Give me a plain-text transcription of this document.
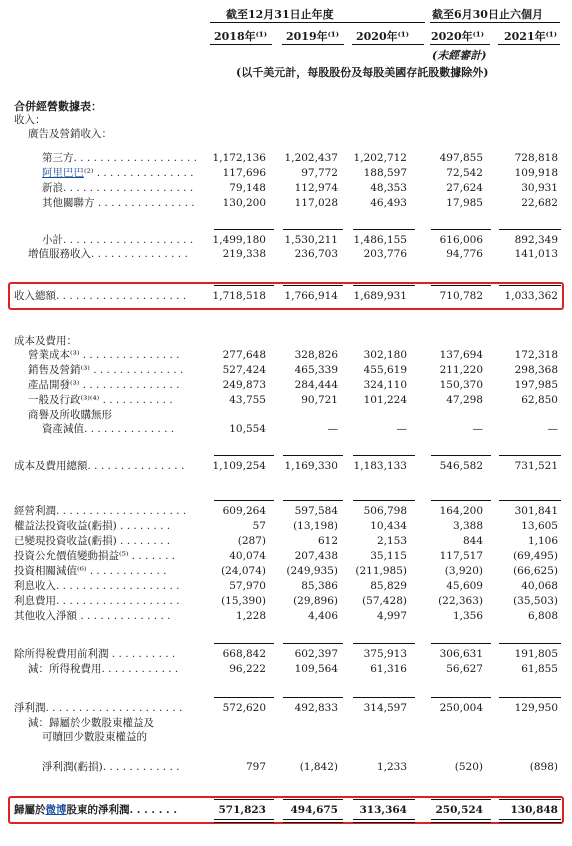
截至12月31日止年度	截至6月30日止六個月
2018年⁽¹⁾ 2019年⁽¹⁾ 2020年⁽¹⁾ 2020年⁽¹⁾ 2021年⁽¹⁾
(未經審計)
(以千美元計，每股股份及每股美國存託股數據除外)
合併經營數據表：
收入：
廣告及營銷收入：
第三方. . . . . . . . . . . . . . . . . . .	1,172,136	1,202,437	1,202,712	497,855	728,818
阿里巴巴⁽²⁾ . . . . . . . . . . . . . . .	117,696	97,772	188,597	72,542	109,918
新浪. . . . . . . . . . . . . . . . . . . .	79,148	112,974	48,353	27,624	30,931
其他關聯方 . . . . . . . . . . . . . . .	130,200	117,028	46,493	17,985	22,682
小計. . . . . . . . . . . . . . . . . . . .	1,499,180	1,530,211	1,486,155	616,006	892,349
增值服務收入. . . . . . . . . . . . . . .	219,338	236,703	203,776	94,776	141,013
收入總額. . . . . . . . . . . . . . . . . . . .	1,718,518	1,766,914	1,689,931	710,782	1,033,362
成本及費用：
營業成本⁽³⁾ . . . . . . . . . . . . . . .	277,648	328,826	302,180	137,694	172,318
銷售及營銷⁽³⁾ . . . . . . . . . . . . . .	527,424	465,339	455,619	211,220	298,368
產品開發⁽³⁾ . . . . . . . . . . . . . . .	249,873	284,444	324,110	150,370	197,985
一般及行政⁽³⁾⁽⁴⁾ . . . . . . . . . . .	43,755	90,721	101,224	47,298	62,850
商譽及所收購無形
資產減值. . . . . . . . . . . . . .	10,554	—	—	—	—
成本及費用總額. . . . . . . . . . . . . . .	1,109,254	1,169,330	1,183,133	546,582	731,521
經營利潤. . . . . . . . . . . . . . . . . . . .	609,264	597,584	506,798	164,200	301,841
權益法投資收益(虧損) . . . . . . . .	57	(13,198)	10,434	3,388	13,605
已變現投資收益(虧損) . . . . . . . .	(287)	612	2,153	844	1,106
投資公允價值變動損益⁽⁵⁾ . . . . . . .	40,074	207,438	35,115	117,517	(69,495)
投資相關減值⁽⁶⁾ . . . . . . . . . . . .	(24,074)	(249,935)	(211,985)	(3,920)	(66,625)
利息收入. . . . . . . . . . . . . . . . . . .	57,970	85,386	85,829	45,609	40,068
利息費用. . . . . . . . . . . . . . . . . . .	(15,390)	(29,896)	(57,428)	(22,363)	(35,503)
其他收入淨額 . . . . . . . . . . . . . .	1,228	4,406	4,997	1,356	6,808
除所得稅費用前利潤 . . . . . . . . . .	668,842	602,397	375,913	306,631	191,805
減：所得稅費用. . . . . . . . . . . .	96,222	109,564	61,316	56,627	61,855
淨利潤. . . . . . . . . . . . . . . . . . . . .	572,620	492,833	314,597	250,004	129,950
減：歸屬於少數股東權益及
可贖回少數股東權益的
淨利潤(虧損). . . . . . . . . . . .	797	(1,842)	1,233	(520)	(898)
歸屬於微博股東的淨利潤. . . . . . .	571,823	494,675	313,364	250,524	130,848
